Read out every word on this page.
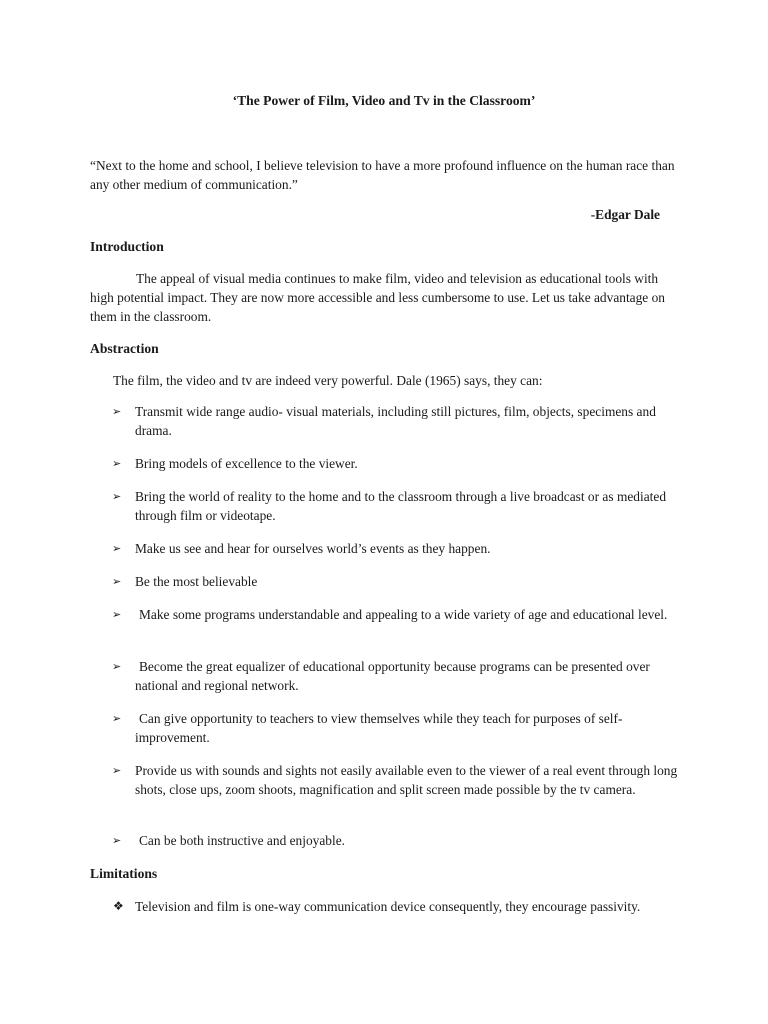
‘The Power of Film, Video and Tv in the Classroom’

“Next to the home and school, I believe television to have a more profound influence on the human race than any other medium of communication.”

-Edgar Dale
Introduction

The appeal of visual media continues to make film, video and television as educational tools with high potential impact. They are now more accessible and less cumbersome to use. Let us take advantage on them in the classroom.

Abstraction

The film, the video and tv are indeed very powerful. Dale (1965) says, they can:

➢	Transmit wide range audio- visual materials, including still pictures, film, objects, specimens and drama.
➢	Bring models of excellence to the viewer.
➢	Bring the world of reality to the home and to the classroom through a live broadcast or as mediated through film or videotape.
➢	Make us see and hear for ourselves world’s events as they happen.
➢	Be the most believable
➢	Make some programs understandable and appealing to a wide variety of age and educational level.
➢	Become the great equalizer of educational opportunity because programs can be presented over national and regional network.
➢	Can give opportunity to teachers to view themselves while they teach for purposes of self-improvement.
➢	Provide us with sounds and sights not easily available even to the viewer of a real event through long shots, close ups, zoom shoots, magnification and split screen made possible by the tv camera.
➢	Can be both instructive and enjoyable.
Limitations
❖ Television and film is one-way communication device consequently, they encourage passivity.
